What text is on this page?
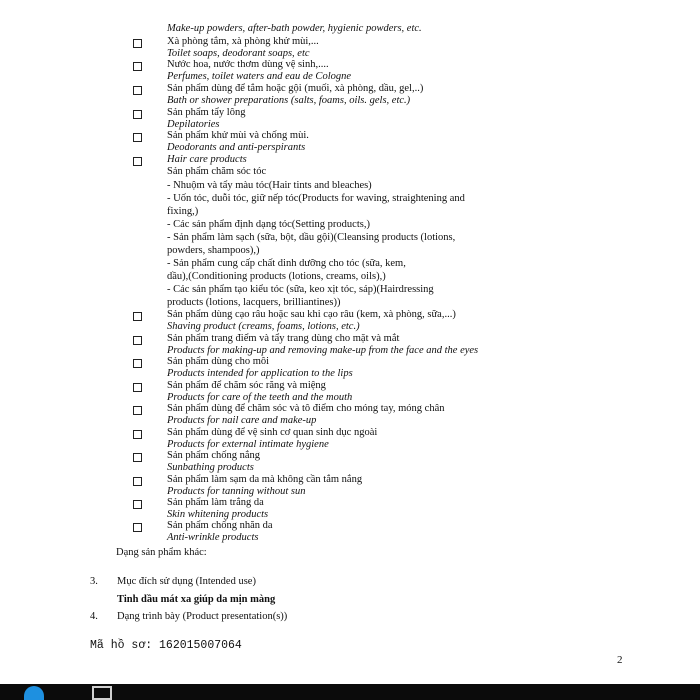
Make-up powders, after-bath powder, hygienic powders, etc.
Xà phòng tắm, xà phòng khử mùi,...
Toilet soaps, deodorant soaps, etc
Nước hoa, nước thơm dùng vệ sinh,....
Perfumes, toilet waters and eau de Cologne
Sản phẩm dùng để tắm hoặc gội (muối, xà phòng, dầu, gel,..)
Bath or shower preparations (salts, foams, oils. gels, etc.)
Sản phẩm tẩy lông
Depilatories
Sản phẩm khử mùi và chống mùi.
Deodorants and anti-perspirants
Hair care products
Sản phẩm chăm sóc tóc
- Nhuộm và tẩy màu tóc(Hair tints and bleaches)
- Uốn tóc, duỗi tóc, giữ nếp tóc(Products for waving, straightening and
fixing,)
- Các sản phẩm định dạng tóc(Setting products,)
- Sản phẩm làm sạch (sữa, bột, dầu gội)(Cleansing products (lotions,
powders, shampoos),)
- Sản phẩm cung cấp chất dinh dưỡng cho tóc (sữa, kem,
dầu),(Conditioning products (lotions, creams, oils),)
- Các sản phẩm tạo kiểu tóc (sữa, keo xịt tóc, sáp)(Hairdressing
products (lotions, lacquers, brilliantines))
Sản phẩm dùng cạo râu hoặc sau khi cạo râu (kem, xà phòng, sữa,...)
Shaving product (creams, foams, lotions, etc.)
Sản phẩm trang điểm và tẩy trang dùng cho mặt và mắt
Products for making-up and removing make-up from the face and the eyes
Sản phẩm dùng cho môi
Products intended for application to the lips
Sản phẩm để chăm sóc răng và miệng
Products for care of the teeth and the mouth
Sản phẩm dùng để chăm sóc và tô điểm cho móng tay, móng chân
Products for nail care and make-up
Sản phẩm dùng để vệ sinh cơ quan sinh dục ngoài
Products for external intimate hygiene
Sản phẩm chống nắng
Sunbathing products
Sản phẩm làm sạm da mà không cần tắm nắng
Products for tanning without sun
Sản phẩm làm trắng da
Skin whitening products
Sản phẩm chống nhăn da
Anti-wrinkle products
Dạng sản phẩm khác:
3. Mục đích sử dụng (Intended use)
Tinh dầu mát xa giúp da mịn màng
4. Dạng trình bày (Product presentation(s))
Mã hồ sơ: 16201500706‌4
2
